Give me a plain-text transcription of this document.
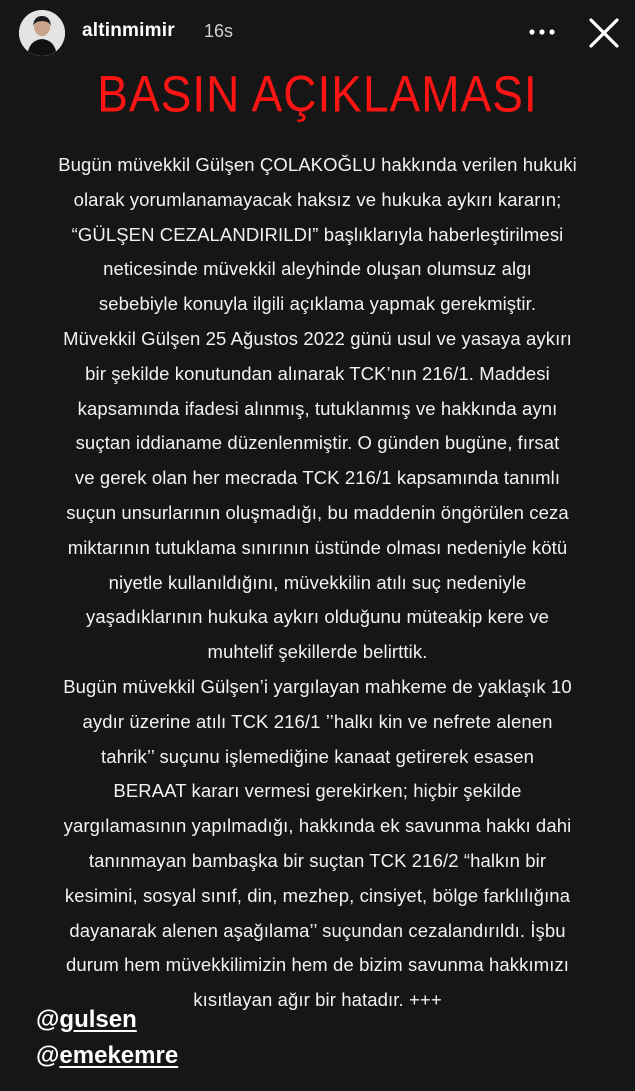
altinmimir 16s
BASIN AÇIKLAMASI
Bugün müvekkil Gülşen ÇOLAKOĞLU hakkında verilen hukuki
olarak yorumlanamayacak haksız ve hukuka aykırı kararın;
“GÜLŞEN CEZALANDIRILDI” başlıklarıyla haberleştirilmesi
neticesinde müvekkil aleyhinde oluşan olumsuz algı
sebebiyle konuyla ilgili açıklama yapmak gerekmiştir.
Müvekkil Gülşen 25 Ağustos 2022 günü usul ve yasaya aykırı
bir şekilde konutundan alınarak TCK’nın 216/1. Maddesi
kapsamında ifadesi alınmış, tutuklanmış ve hakkında aynı
suçtan iddianame düzenlenmiştir. O günden bugüne, fırsat
ve gerek olan her mecrada TCK 216/1 kapsamında tanımlı
suçun unsurlarının oluşmadığı, bu maddenin öngörülen ceza
miktarının tutuklama sınırının üstünde olması nedeniyle kötü
niyetle kullanıldığını, müvekkilin atılı suç nedeniyle
yaşadıklarının hukuka aykırı olduğunu müteakip kere ve
muhtelif şekillerde belirttik.
Bugün müvekkil Gülşen’i yargılayan mahkeme de yaklaşık 10
aydır üzerine atılı TCK 216/1 ’’halkı kin ve nefrete alenen
tahrik’’ suçunu işlemediğine kanaat getirerek esasen
BERAAT kararı vermesi gerekirken; hiçbir şekilde
yargılamasının yapılmadığı, hakkında ek savunma hakkı dahi
tanınmayan bambaşka bir suçtan TCK 216/2 “halkın bir
kesimini, sosyal sınıf, din, mezhep, cinsiyet, bölge farklılığına
dayanarak alenen aşağılama’’ suçundan cezalandırıldı. İşbu
durum hem müvekkilimizin hem de bizim savunma hakkımızı
kısıtlayan ağır bir hatadır. +++
@gulsen
@emekemre
